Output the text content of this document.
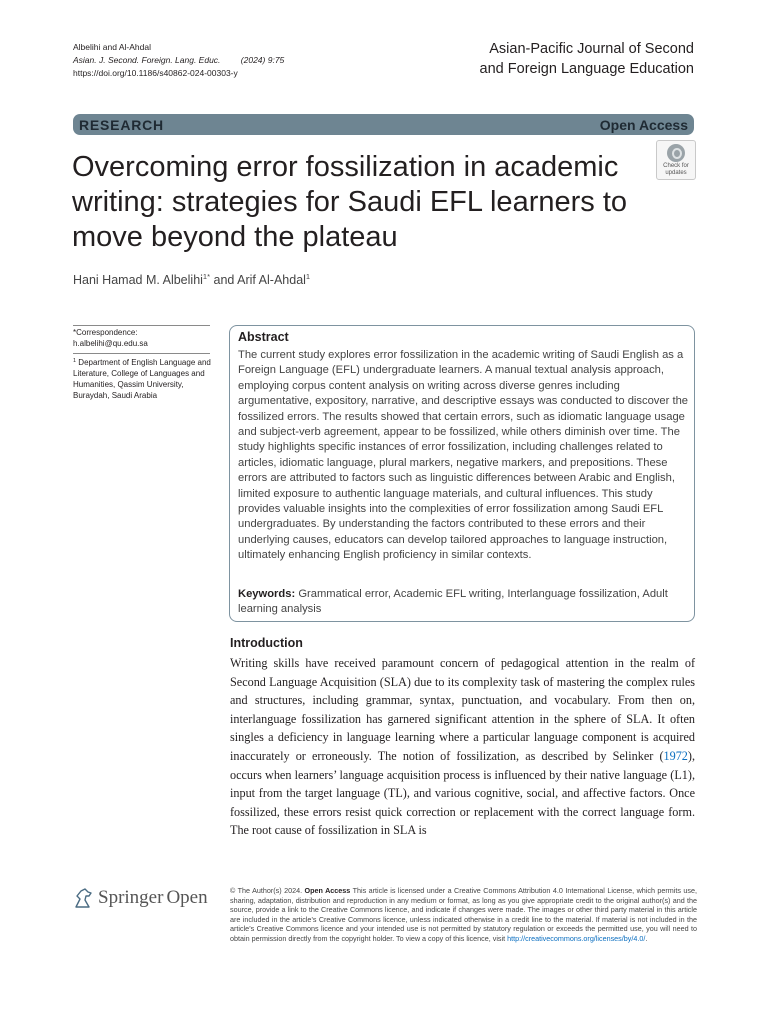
Albelihi and Al-Ahdal
Asian. J. Second. Foreign. Lang. Educ. (2024) 9:75
https://doi.org/10.1186/s40862-024-00303-y
Asian-Pacific Journal of Second
and Foreign Language Education
RESEARCH	Open Access
Overcoming error fossilization in academic writing: strategies for Saudi EFL learners to move beyond the plateau
Check for
updates
Hani Hamad M. Albelihi$^{1*}$ and Arif Al-Ahdal$^1$
*Correspondence:
h.albelihi@qu.edu.sa
$^1$ Department of English Language and Literature, College of Languages and Humanities, Qassim University, Buraydah, Saudi Arabia
Abstract
The current study explores error fossilization in the academic writing of Saudi English as a Foreign Language (EFL) undergraduate learners. A manual textual analysis approach, employing corpus content analysis on writing across diverse genres including argumentative, expository, narrative, and descriptive essays was conducted to discover the fossilized errors. The results showed that certain errors, such as idiomatic language usage and subject-verb agreement, appear to be fossilized, while others diminish over time. The study highlights specific instances of error fossilization, including challenges related to articles, idiomatic language, plural markers, negative markers, and prepositions. These errors are attributed to factors such as linguistic differences between Arabic and English, limited exposure to authentic language materials, and cultural influences. This study provides valuable insights into the complexities of error fossilization among Saudi EFL undergraduates. By understanding the factors contributed to these errors and their underlying causes, educators can develop tailored approaches to language instruction, ultimately enhancing English proficiency in similar contexts.
Keywords: Grammatical error, Academic EFL writing, Interlanguage fossilization, Adult learning analysis
Introduction
Writing skills have received paramount concern of pedagogical attention in the realm of Second Language Acquisition (SLA) due to its complexity task of mastering the complex rules and structures, including grammar, syntax, punctuation, and vocabulary. From then on, interlanguage fossilization has garnered significant attention in the sphere of SLA. It often singles a deficiency in language learning where a particular language component is acquired inaccurately or erroneously. The notion of fossilization, as described by Selinker (1972), occurs when learners’ language acquisition process is influenced by their native language (L1), input from the target language (TL), and various cognitive, social, and affective factors. Once fossilized, these errors resist quick correction or replacement with the correct language form. The root cause of fossilization in SLA is
Springer Open	© The Author(s) 2024. Open Access This article is licensed under a Creative Commons Attribution 4.0 International License, which permits use, sharing, adaptation, distribution and reproduction in any medium or format, as long as you give appropriate credit to the original author(s) and the source, provide a link to the Creative Commons licence, and indicate if changes were made. The images or other third party material in this article are included in the article’s Creative Commons licence, unless indicated otherwise in a credit line to the material. If material is not included in the article’s Creative Commons licence and your intended use is not permitted by statutory regulation or exceeds the permitted use, you will need to obtain permission directly from the copyright holder. To view a copy of this licence, visit http://creativecommons.org/licenses/by/4.0/.
